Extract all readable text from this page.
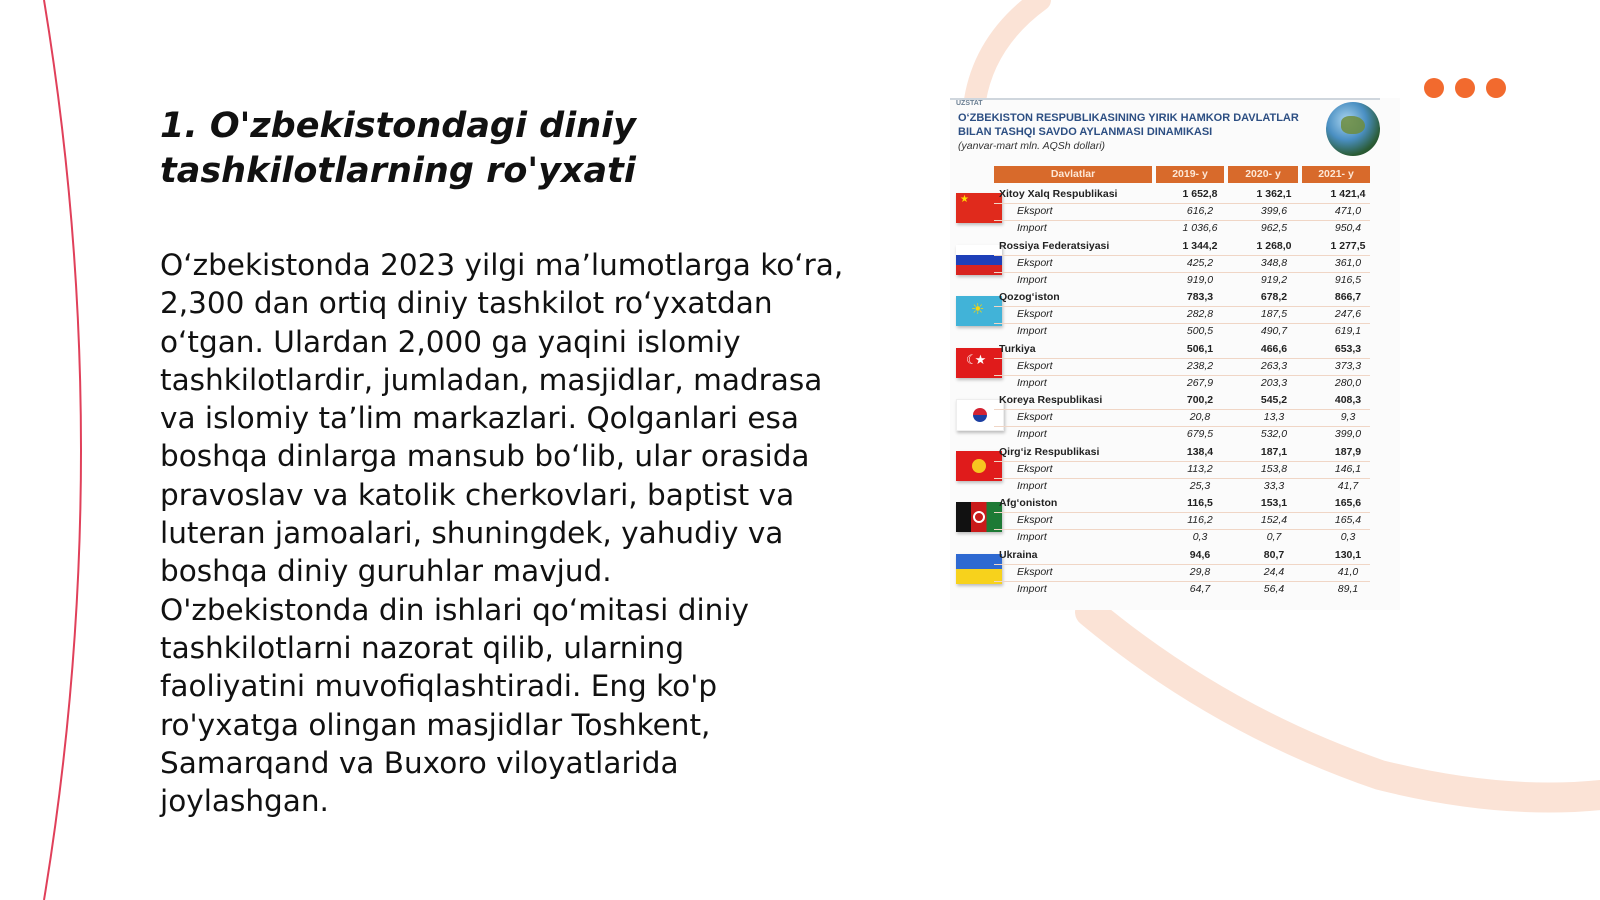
1. O'zbekistondagi diniy
tashkilotlarning ro'yxati

O‘zbekistonda 2023 yilgi ma’lumotlarga ko‘ra,
2,300 dan ortiq diniy tashkilot ro‘yxatdan
o‘tgan. Ulardan 2,000 ga yaqini islomiy
tashkilotlardir, jumladan, masjidlar, madrasa
va islomiy ta’lim markazlari. Qolganlari esa
boshqa dinlarga mansub bo‘lib, ular orasida
pravoslav va katolik cherkovlari, baptist va
luteran jamoalari, shuningdek, yahudiy va
boshqa diniy guruhlar mavjud.
O'zbekistonda din ishlari qo‘mitasi diniy
tashkilotlarni nazorat qilib, ularning
faoliyatini muvofiqlashtiradi. Eng ko'p
ro'yxatga olingan masjidlar Toshkent,
Samarqand va Buxoro viloyatlarida
joylashgan.

UZSTAT
O‘ZBEKISTON RESPUBLIKASINING YIRIK HAMKOR DAVLATLAR
BILAN TASHQI SAVDO AYLANMASI DINAMIKASI
(yanvar-mart mln. AQSh dollari)
Davlatlar	2019- y	2020- y	2021- y
★
Xitoy Xalq Respublikasi	1 652,8	1 362,1	1 421,4
Eksport	616,2	399,6	471,0
Import	1 036,6	962,5	950,4
Rossiya Federatsiyasi	1 344,2	1 268,0	1 277,5
Eksport	425,2	348,8	361,0
Import	919,0	919,2	916,5
☀
Qozog‘iston	783,3	678,2	866,7
Eksport	282,8	187,5	247,6
Import	500,5	490,7	619,1
☾★
Turkiya	506,1	466,6	653,3
Eksport	238,2	263,3	373,3
Import	267,9	203,3	280,0
Koreya Respublikasi	700,2	545,2	408,3
Eksport	20,8	13,3	9,3
Import	679,5	532,0	399,0
Qirg‘iz Respublikasi	138,4	187,1	187,9
Eksport	113,2	153,8	146,1
Import	25,3	33,3	41,7
Afg‘oniston	116,5	153,1	165,6
Eksport	116,2	152,4	165,4
Import	0,3	0,7	0,3
Ukraina	94,6	80,7	130,1
Eksport	29,8	24,4	41,0
Import	64,7	56,4	89,1
